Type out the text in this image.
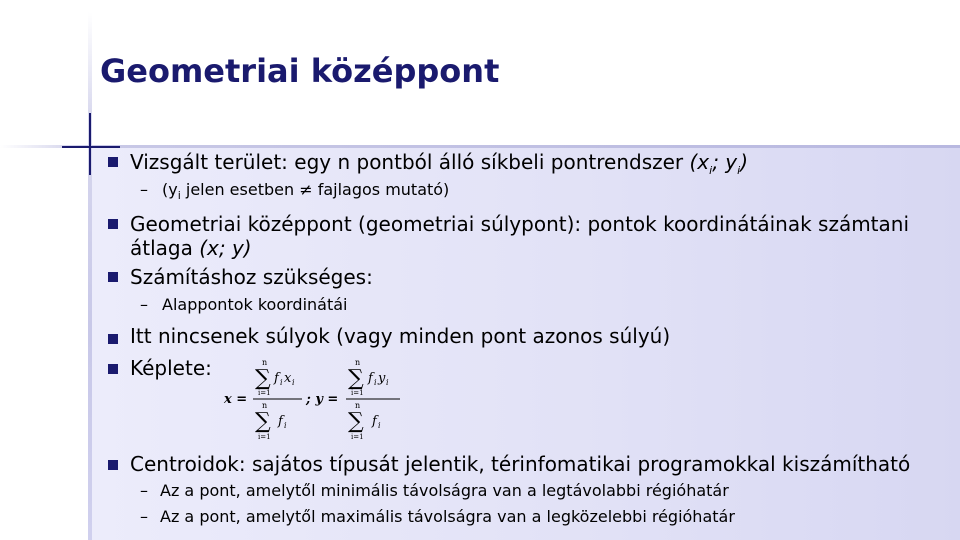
Geometriai középpont
Vizsgált terület: egy n pontból álló síkbeli pontrendszer ($x_i$; $y_i$)
– ($y_i$ jelen esetben ≠ fajlagos mutató)
Geometriai középpont (geometriai súlypont): pontok koordinátáinak számtani
átlaga (x; y)
Számításhoz szükséges:
– Alappontok koordinátái
Itt nincsenek súlyok (vagy minden pont azonos súlyú)
Képlete:	n
∑
i=1
f i x i
x = n
∑
i=1
f i
; y =
n
∑
i=1
f i y i
n
∑
i=1
f i
Centroidok: sajátos típusát jelentik, térinfomatikai programokkal kiszámítható
– Az a pont, amelytől minimális távolságra van a legtávolabbi régióhatár
– Az a pont, amelytől maximális távolságra van a legközelebbi régióhatár
